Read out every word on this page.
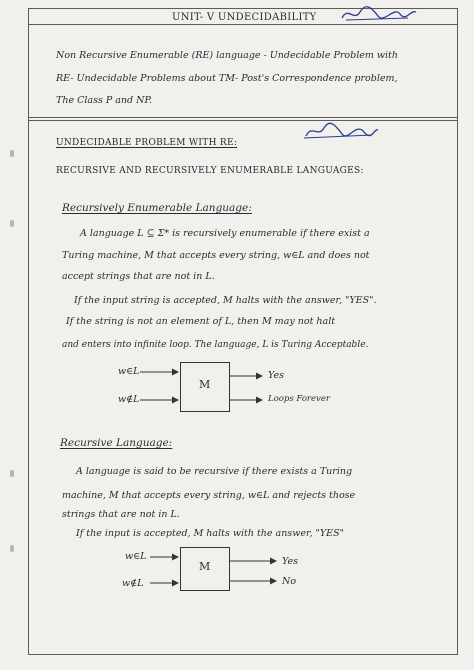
UNIT- V UNDECIDABILITY
Non Recursive Enumerable (RE) language - Undecidable Problem with
RE- Undecidable Problems about TM- Post's Correspondence problem,
The Class P and NP.
UNDECIDABLE PROBLEM WITH RE:
RECURSIVE AND RECURSIVELY ENUMERABLE LANGUAGES:
Recursively Enumerable Language:
A language L ⊆ Σ* is recursively enumerable if there exist a
Turing machine, M that accepts every string, w∈L and does not
accept strings that are not in L.
If the input string is accepted, M halts with the answer, "YES".
If the string is not an element of L, then M may not halt
and enters into infinite loop. The language, L is Turing Acceptable.
w∈L
w∉L
M
Yes
Loops Forever
Recursive Language:
A language is said to be recursive if there exists a Turing
machine, M that accepts every string, w∈L and rejects those
strings that are not in L.
If the input is accepted, M halts with the answer, "YES"
w∈L
w∉L
M	Yes
No
